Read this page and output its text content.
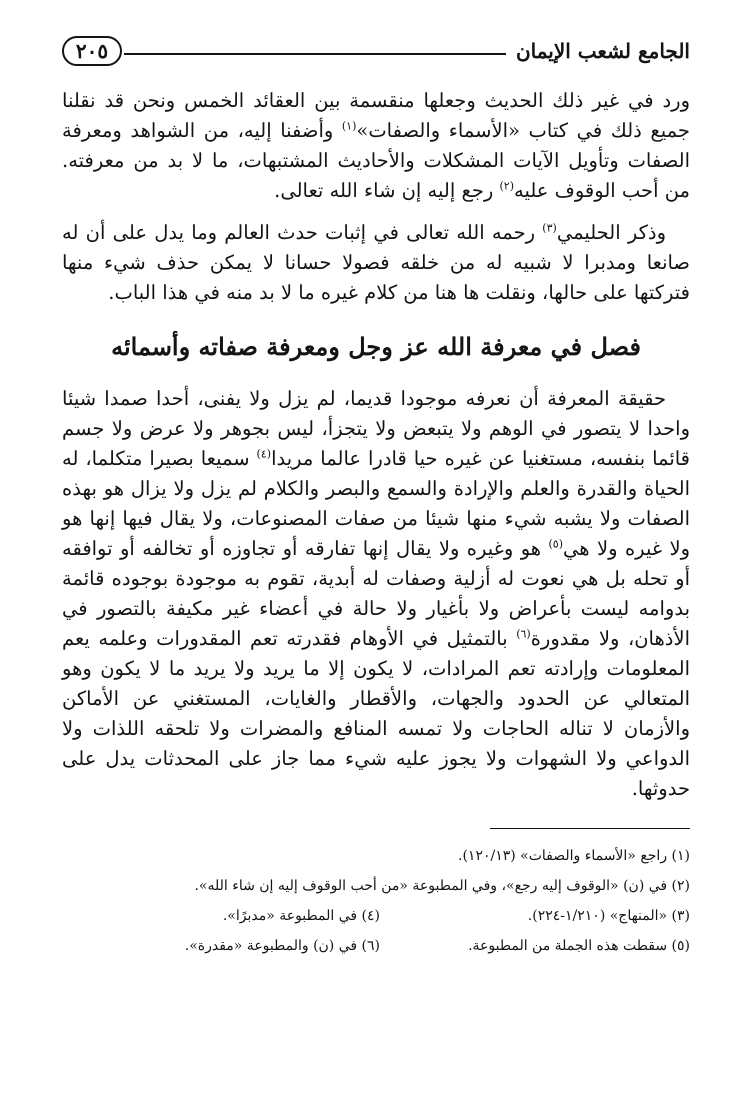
الجامع لشعب الإيمان
٢٠٥

ورد في غير ذلك الحديث وجعلها منقسمة بين العقائد الخمس ونحن قد نقلنا جميع ذلك في كتاب «الأسماء والصفات»$^{(١)}$ وأضفنا إليه، من الشواهد ومعرفة الصفات وتأويل الآيات المشكلات والأحاديث المشتبهات، ما لا بد من معرفته. من أحب الوقوف عليه$^{(٢)}$ رجع إليه إن شاء الله تعالى.

وذكر الحليمي$^{(٣)}$ رحمه الله تعالى في إثبات حدث العالم وما يدل على أن له صانعا ومدبرا لا شبيه له من خلقه فصولا حسانا لا يمكن حذف شيء منها فتركتها على حالها، ونقلت ها هنا من كلام غيره ما لا بد منه في هذا الباب.

فصل في معرفة الله عز وجل ومعرفة صفاته وأسمائه

حقيقة المعرفة أن نعرفه موجودا قديما، لم يزل ولا يفنى، أحدا صمدا شيئا واحدا لا يتصور في الوهم ولا يتبعض ولا يتجزأ، ليس بجوهر ولا عرض ولا جسم قائما بنفسه، مستغنيا عن غيره حيا قادرا عالما مريدا$^{(٤)}$ سميعا بصيرا متكلما، له الحياة والقدرة والعلم والإرادة والسمع والبصر والكلام لم يزل ولا يزال هو بهذه الصفات ولا يشبه شيء منها شيئا من صفات المصنوعات، ولا يقال فيها إنها هو ولا غيره ولا هي$^{(٥)}$ هو وغيره ولا يقال إنها تفارقه أو تجاوزه أو تخالفه أو توافقه أو تحله بل هي نعوت له أزلية وصفات له أبدية، تقوم به موجودة بوجوده قائمة بدوامه ليست بأعراض ولا بأغيار ولا حالة في أعضاء غير مكيفة بالتصور في الأذهان، ولا مقدورة$^{(٦)}$ بالتمثيل في الأوهام فقدرته تعم المقدورات وعلمه يعم المعلومات وإرادته تعم المرادات، لا يكون إلا ما يريد ولا يريد ما لا يكون وهو المتعالي عن الحدود والجهات، والأقطار والغايات، المستغني عن الأماكن والأزمان لا تناله الحاجات ولا تمسه المنافع والمضرات ولا تلحقه اللذات ولا الدواعي ولا الشهوات ولا يجوز عليه شيء مما جاز على المحدثات يدل على حدوثها.

(١) راجع «الأسماء والصفات» (١٢٠/١٣).
(٢) في (ن) «الوقوف إليه رجع»، وفي المطبوعة «من أحب الوقوف إليه إن شاء الله».
(٣) «المنهاج» (١/٢١٠-٢٢٤).
(٤) في المطبوعة «مدبرًا».
(٥) سقطت هذه الجملة من المطبوعة.
(٦) في (ن) والمطبوعة «مقدرة».
